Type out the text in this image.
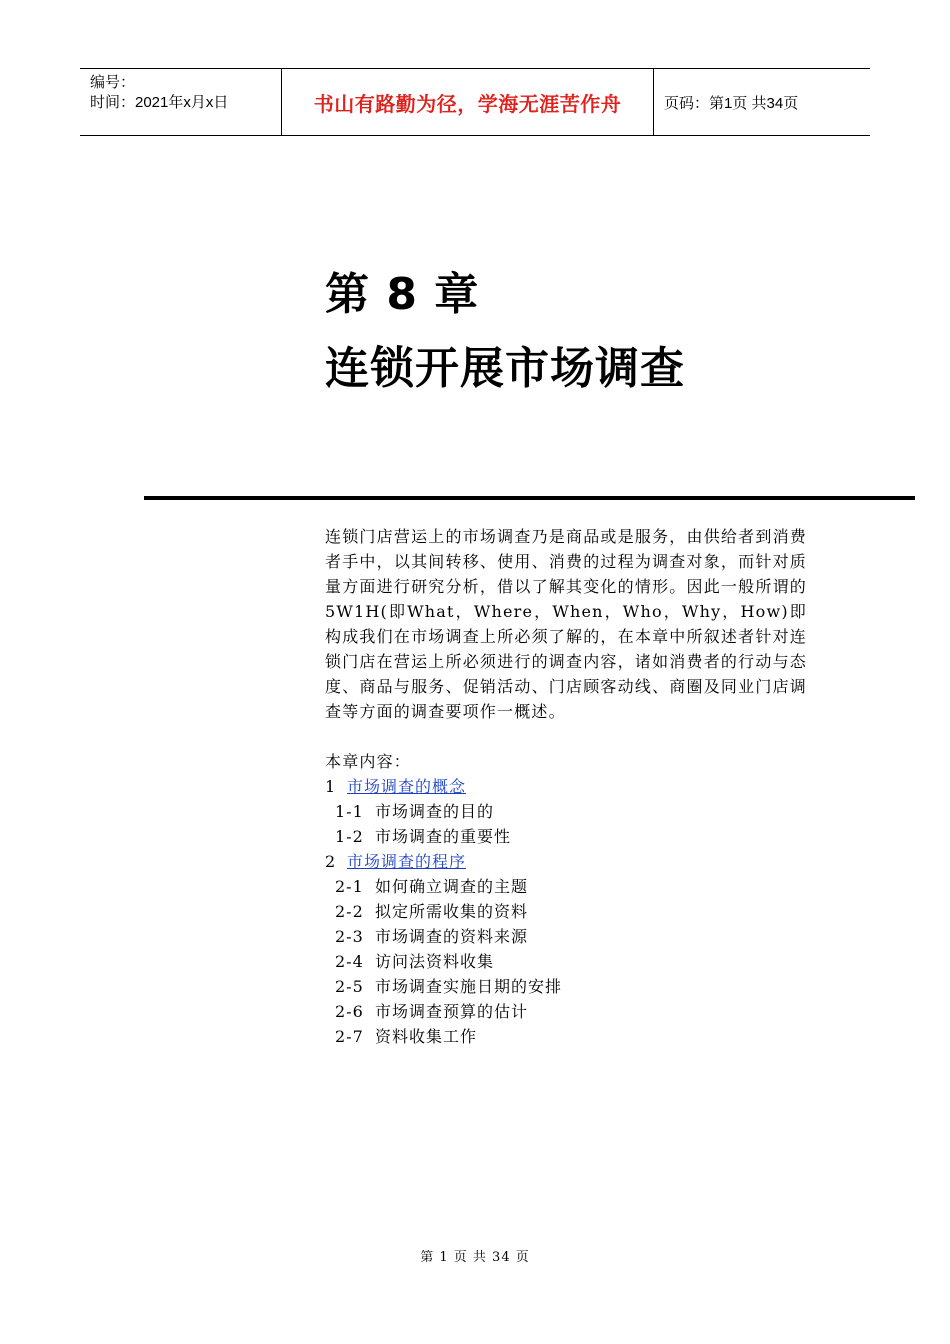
编号：
时间：2021年x月x日	书山有路勤为径，学海无涯苦作舟	页码：第1页 共34页
第 8 章
连锁开展市场调查

连锁门店营运上的市场调查乃是商品或是服务，由供给者到消费者手中，以其间转移、使用、消费的过程为调查对象，而针对质量方面进行研究分析，借以了解其变化的情形。因此一般所谓的5W1H(即What，Where，When，Who，Why，How)即构成我们在市场调查上所必须了解的，在本章中所叙述者针对连锁门店在营运上所必须进行的调查内容，诸如消费者的行动与态度、商品与服务、促销活动、门店顾客动线、商圈及同业门店调查等方面的调查要项作一概述。

本章内容：
1 市场调查的概念
1-1 市场调查的目的
1-2 市场调查的重要性
2 市场调查的程序
2-1 如何确立调查的主题
2-2 拟定所需收集的资料
2-3 市场调查的资料来源
2-4 访问法资料收集
2-5 市场调查实施日期的安排
2-6 市场调查预算的估计
2-7 资料收集工作
第 1 页 共 34 页
